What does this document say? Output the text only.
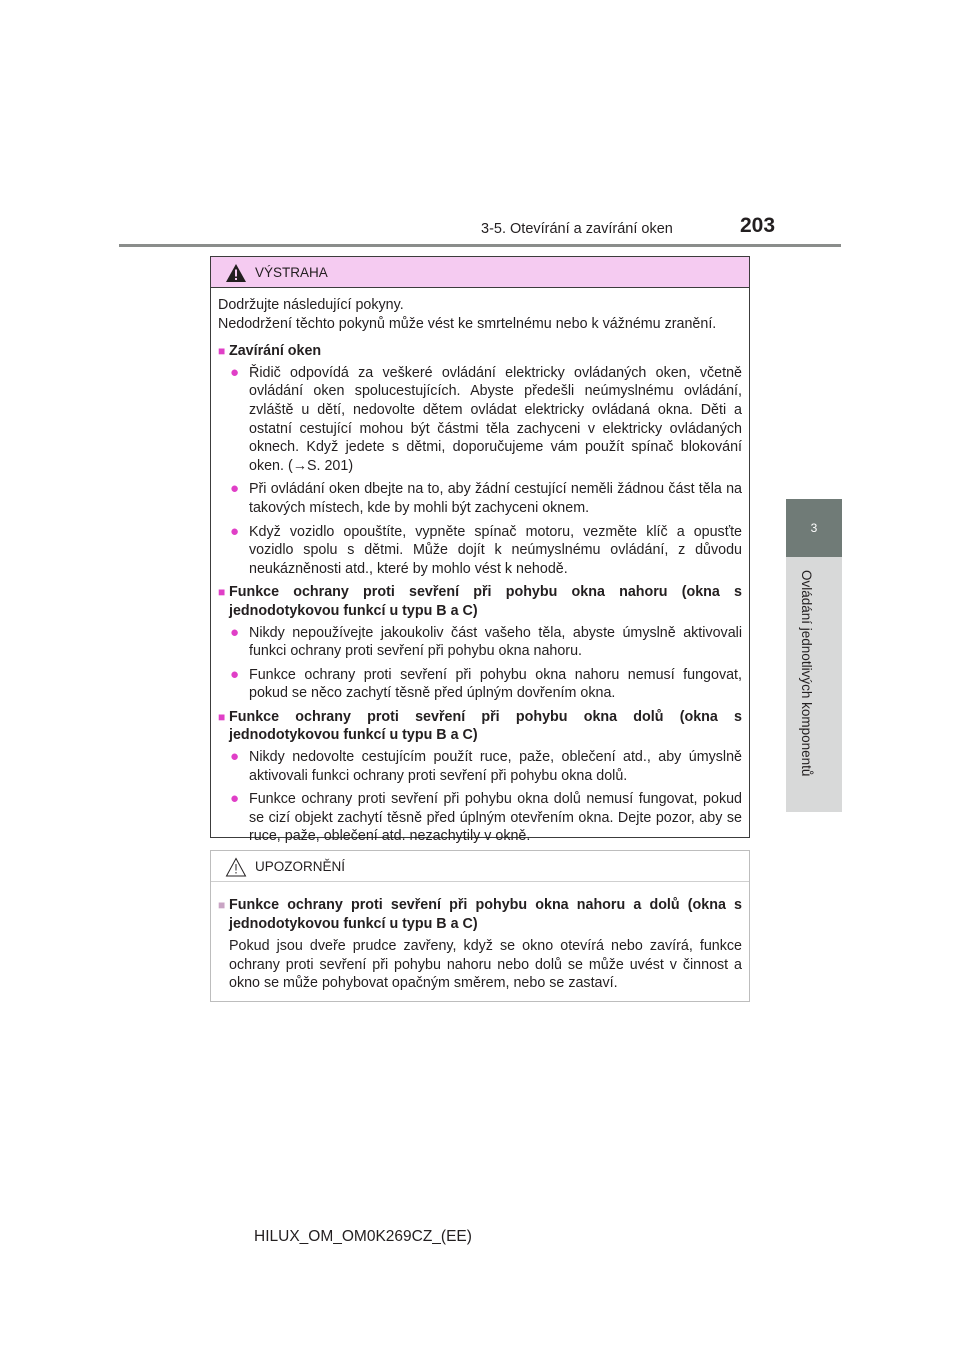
3-5. Otevírání a zavírání oken	203
3
Ovládání jednotlivých komponentů
VÝSTRAHA

Dodržujte následující pokyny.
Nedodržení těchto pokynů může vést ke smrtelnému nebo k vážnému zranění.

■ Zavírání oken
● Řidič odpovídá za veškeré ovládání elektricky ovládaných oken, včetně ovládání oken spolucestujících. Abyste předešli neúmyslnému ovládání, zvláště u dětí, nedovolte dětem ovládat elektricky ovládaná okna. Děti a ostatní cestující mohou být částmi těla zachyceni v elektricky ovládaných oknech. Když jedete s dětmi, doporučujeme vám použít spínač blokování oken. (→S. 201)
● Při ovládání oken dbejte na to, aby žádní cestující neměli žádnou část těla na takových místech, kde by mohli být zachyceni oknem.
● Když vozidlo opouštíte, vypněte spínač motoru, vezměte klíč a opusťte vozidlo spolu s dětmi. Může dojít k neúmyslnému ovládání, z důvodu neukázněnosti atd., které by mohlo vést k nehodě.
■ Funkce ochrany proti sevření při pohybu okna nahoru (okna s jednodotykovou funkcí u typu B a C)
● Nikdy nepoužívejte jakoukoliv část vašeho těla, abyste úmyslně aktivovali funkci ochrany proti sevření při pohybu okna nahoru.
● Funkce ochrany proti sevření při pohybu okna nahoru nemusí fungovat, pokud se něco zachytí těsně před úplným dovřením okna.
■ Funkce ochrany proti sevření při pohybu okna dolů (okna s jednodotykovou funkcí u typu B a C)
● Nikdy nedovolte cestujícím použít ruce, paže, oblečení atd., aby úmyslně aktivovali funkci ochrany proti sevření při pohybu okna dolů.
● Funkce ochrany proti sevření při pohybu okna dolů nemusí fungovat, pokud se cizí objekt zachytí těsně před úplným otevřením okna. Dejte pozor, aby se ruce, paže, oblečení atd. nezachytily v okně.
UPOZORNĚNÍ
■ Funkce ochrany proti sevření při pohybu okna nahoru a dolů (okna s jednodotykovou funkcí u typu B a C)

Pokud jsou dveře prudce zavřeny, když se okno otevírá nebo zavírá, funkce ochrany proti sevření při pohybu nahoru nebo dolů se může uvést v činnost a okno se může pohybovat opačným směrem, nebo se zastaví.

HILUX_OM_OM0K269CZ_(EE)
